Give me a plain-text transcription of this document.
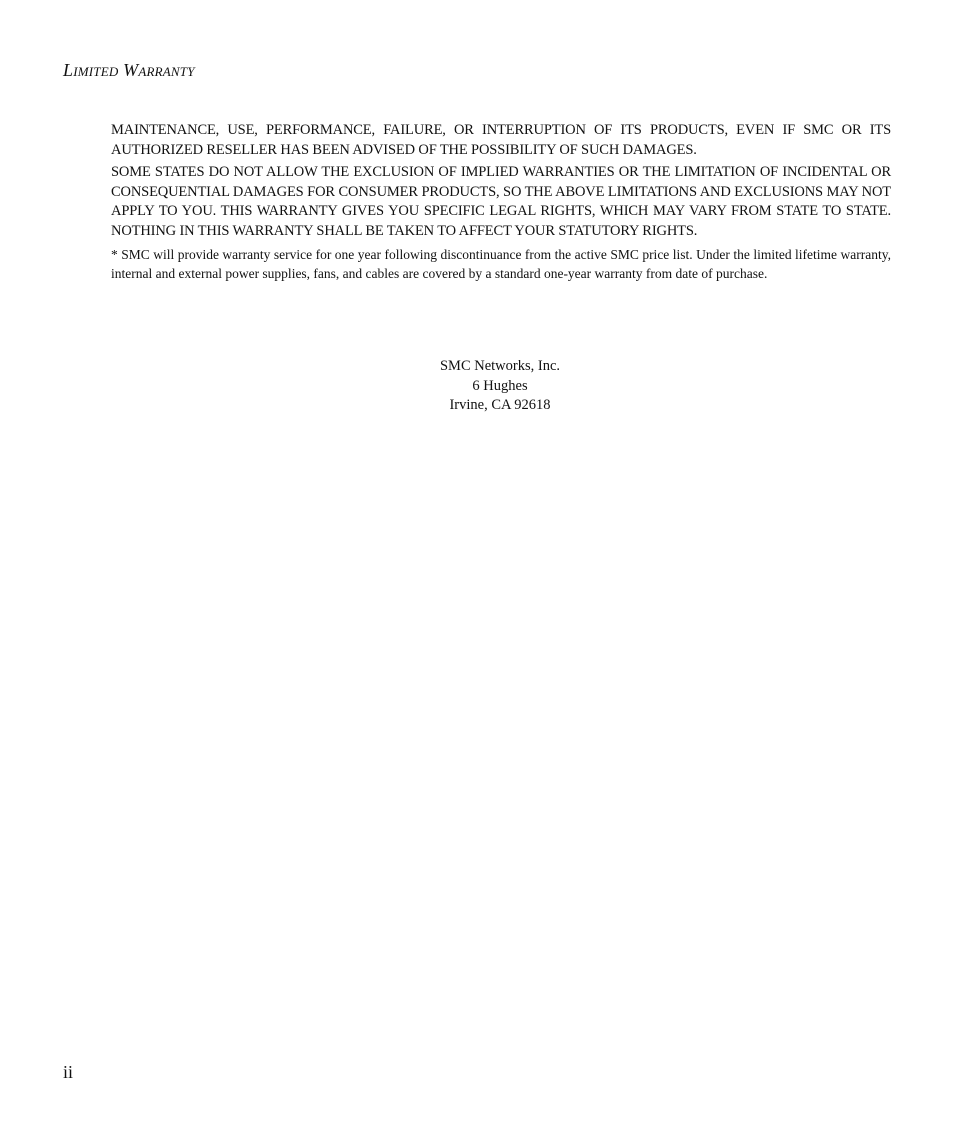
Limited Warranty

MAINTENANCE, USE, PERFORMANCE, FAILURE, OR INTERRUPTION OF ITS PRODUCTS, EVEN IF SMC OR ITS AUTHORIZED RESELLER HAS BEEN ADVISED OF THE POSSIBILITY OF SUCH DAMAGES.

SOME STATES DO NOT ALLOW THE EXCLUSION OF IMPLIED WARRANTIES OR THE LIMITATION OF INCIDENTAL OR CONSEQUENTIAL DAMAGES FOR CONSUMER PRODUCTS, SO THE ABOVE LIMITATIONS AND EXCLUSIONS MAY NOT APPLY TO YOU. THIS WARRANTY GIVES YOU SPECIFIC LEGAL RIGHTS, WHICH MAY VARY FROM STATE TO STATE. NOTHING IN THIS WARRANTY SHALL BE TAKEN TO AFFECT YOUR STATUTORY RIGHTS.

* SMC will provide warranty service for one year following discontinuance from the active SMC price list. Under the limited lifetime warranty, internal and external power supplies, fans, and cables are covered by a standard one-year warranty from date of purchase.

SMC Networks, Inc.
6 Hughes
Irvine, CA 92618
ii
